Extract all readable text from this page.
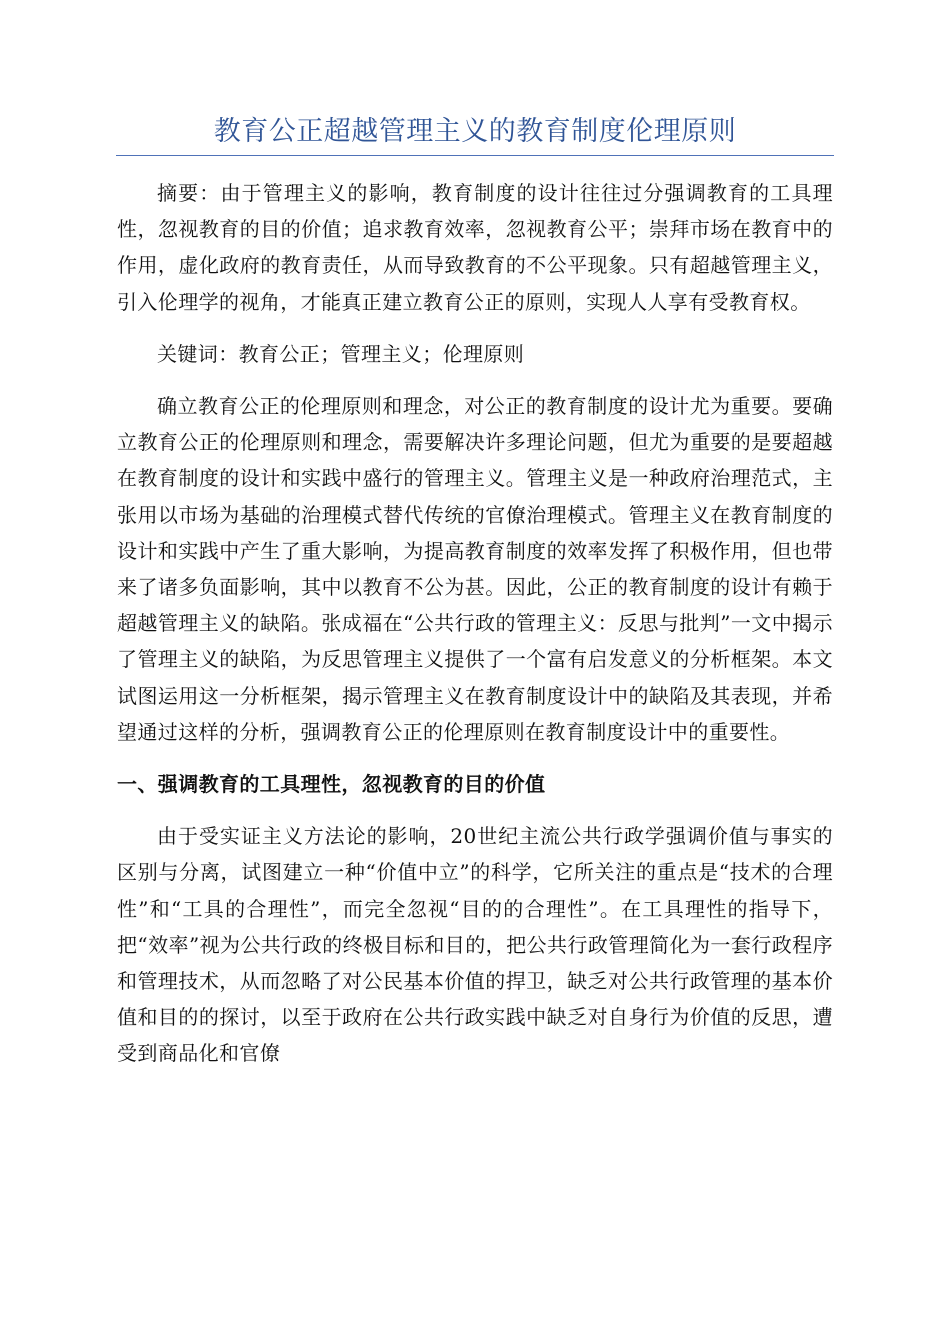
教育公正超越管理主义的教育制度伦理原则

摘要：由于管理主义的影响，教育制度的设计往往过分强调教育的工具理性，忽视教育的目的价值；追求教育效率，忽视教育公平；崇拜市场在教育中的作用，虚化政府的教育责任，从而导致教育的不公平现象。只有超越管理主义，引入伦理学的视角，才能真正建立教育公正的原则，实现人人享有受教育权。

关键词：教育公正；管理主义；伦理原则

确立教育公正的伦理原则和理念，对公正的教育制度的设计尤为重要。要确立教育公正的伦理原则和理念，需要解决许多理论问题，但尤为重要的是要超越在教育制度的设计和实践中盛行的管理主义。管理主义是一种政府治理范式，主张用以市场为基础的治理模式替代传统的官僚治理模式。管理主义在教育制度的设计和实践中产生了重大影响，为提高教育制度的效率发挥了积极作用，但也带来了诸多负面影响，其中以教育不公为甚。因此，公正的教育制度的设计有赖于超越管理主义的缺陷。张成福在“公共行政的管理主义：反思与批判”一文中揭示了管理主义的缺陷，为反思管理主义提供了一个富有启发意义的分析框架。本文试图运用这一分析框架，揭示管理主义在教育制度设计中的缺陷及其表现，并希望通过这样的分析，强调教育公正的伦理原则在教育制度设计中的重要性。

一、强调教育的工具理性，忽视教育的目的价值

由于受实证主义方法论的影响，20世纪主流公共行政学强调价值与事实的区别与分离，试图建立一种“价值中立”的科学，它所关注的重点是“技术的合理性”和“工具的合理性”，而完全忽视“目的的合理性”。在工具理性的指导下，把“效率”视为公共行政的终极目标和目的，把公共行政管理简化为一套行政程序和管理技术，从而忽略了对公民基本价值的捍卫，缺乏对公共行政管理的基本价值和目的的探讨，以至于政府在公共行政实践中缺乏对自身行为价值的反思，遭受到商品化和官僚
